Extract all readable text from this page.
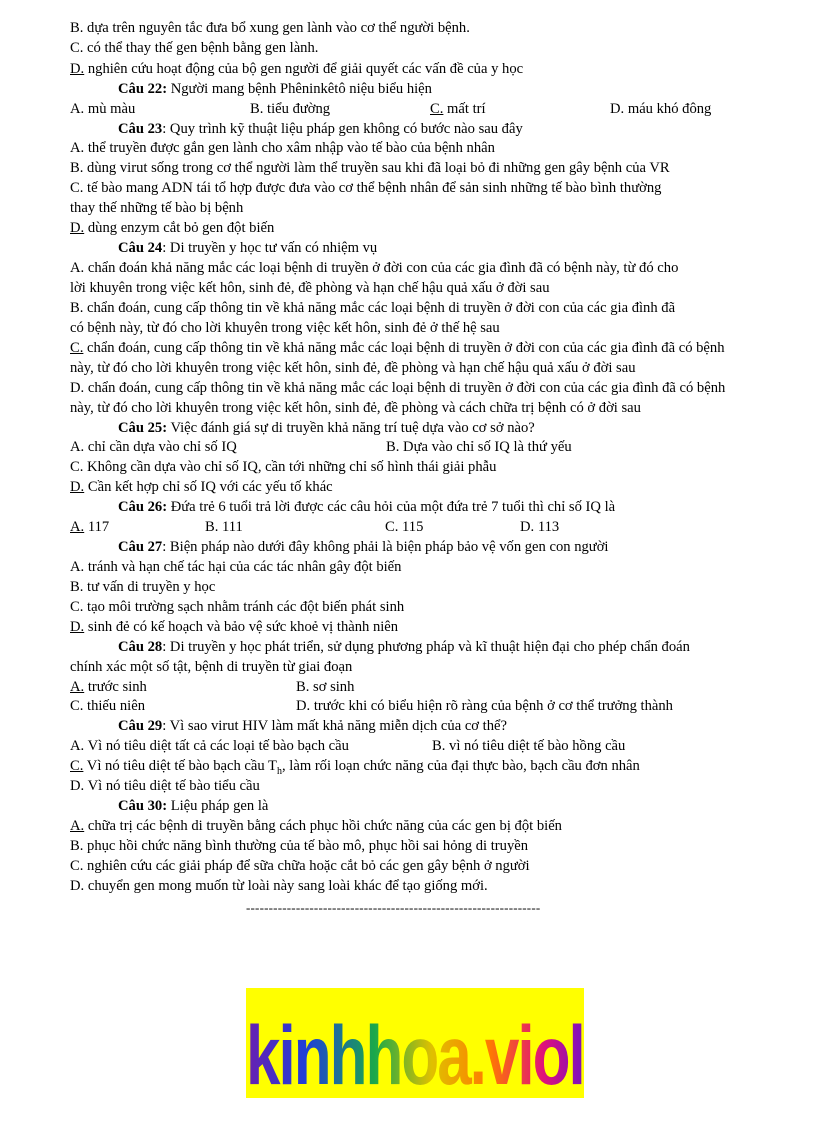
B. dựa trên nguyên tắc đưa bổ xung gen lành vào cơ thể người bệnh.
C. có thể thay thế gen bệnh bằng gen lành.
D. nghiên cứu hoạt động của bộ gen người để giải quyết các vấn đề của y học
Câu 22: Người mang bệnh Phêninkêtô niệu biểu hiện
A. thể truyền được gắn gen lành cho xâm nhập vào tế bào của bệnh nhân
B. dùng virut sống trong cơ thể người làm thể truyền sau khi đã loại bỏ đi những gen gây bệnh của VR
C. tế bào mang ADN tái tổ hợp được đưa vào cơ thể bệnh nhân để sản sinh những tế bào bình thường
thay thế những tế bào bị bệnh
D. dùng enzym cắt bỏ gen đột biến
A. chẩn đoán khả năng mắc các loại bệnh di truyền ở đời con của các gia đình đã có bệnh này, từ đó cho
lời khuyên trong việc kết hôn, sinh đẻ, đề phòng và hạn chế hậu quả xấu ở đời sau
B. chẩn đoán, cung cấp thông tin về khả năng mắc các loại bệnh di truyền ở đời con của các gia đình đã
có bệnh này, từ đó cho lời khuyên trong việc kết hôn, sinh đẻ ở thế hệ sau
C. chẩn đoán, cung cấp thông tin về khả năng mắc các loại bệnh di truyền ở đời con của các gia đình đã có bệnh
này, từ đó cho lời khuyên trong việc kết hôn, sinh đẻ, đề phòng và hạn chế hậu quả xấu ở đời sau
D. chẩn đoán, cung cấp thông tin về khả năng mắc các loại bệnh di truyền ở đời con của các gia đình đã có bệnh
này, từ đó cho lời khuyên trong việc kết hôn, sinh đẻ, đề phòng và cách chữa trị bệnh có ở đời sau
C. Không cần dựa vào chỉ số IQ, cần tới những chỉ số hình thái giải phẫu
D. Cần kết hợp chỉ số IQ với các yếu tố khác
A. tránh và hạn chế tác hại của các tác nhân gây đột biến
B. tư vấn di truyền y học
C. tạo môi trường sạch nhằm tránh các đột biến phát sinh
D. sinh đẻ có kế hoạch và bảo vệ sức khoẻ vị thành niên
chính xác một số tật, bệnh di truyền từ giai đoạn
D. Vì nó tiêu diệt tế bào tiểu cầu
A. chữa trị các bệnh di truyền bằng cách phục hồi chức năng của các gen bị đột biến
B. phục hồi chức năng bình thường của tế bào mô, phục hồi sai hỏng di truyền
C. nghiên cứu các giải pháp để sữa chữa hoặc cắt bỏ các gen gây bệnh ở người
D. chuyển gen mong muốn từ loài này sang loài khác để tạo giống mới.
Câu 23: Quy trình kỹ thuật liệu pháp gen không có bước nào sau đây
Câu 24: Di truyền y học tư vấn có nhiệm vụ
Câu 25: Việc đánh giá sự di truyền khả năng trí tuệ dựa vào cơ sở nào?
Câu 26: Đứa trẻ 6 tuổi trả lời được các câu hỏi của một đứa trẻ 7 tuổi thì chỉ số IQ là
Câu 27: Biện pháp nào dưới đây không phải là biện pháp bảo vệ vốn gen con người
Câu 28: Di truyền y học phát triển, sử dụng phương pháp và kĩ thuật hiện đại cho phép chẩn đoán
Câu 29: Vì sao virut HIV làm mất khả năng miễn dịch của cơ thể?
Câu 30: Liệu pháp gen là
A. mù màu	B. tiểu đường	C. mất trí	D. máu khó đông
A. chỉ cần dựa vào chỉ số IQ	B. Dựa vào chỉ số IQ là thứ yếu
A. 117	B. 111	C. 115	D. 113
A. trước sinh	B. sơ sinh
C. thiếu niên	D. trước khi có biểu hiện rõ ràng của bệnh ở cơ thể trưởng thành
A. Vì nó tiêu diệt tất cả các loại tế bào bạch cầu	B. vì nó tiêu diệt tế bào hồng cầu
C. Vì nó tiêu diệt tế bào bạch cầu $T_h$, làm rối loạn chức năng của đại thực bào, bạch cầu đơn nhân
-----------------------------------------------------------------
kinhhoa.violet.vn
